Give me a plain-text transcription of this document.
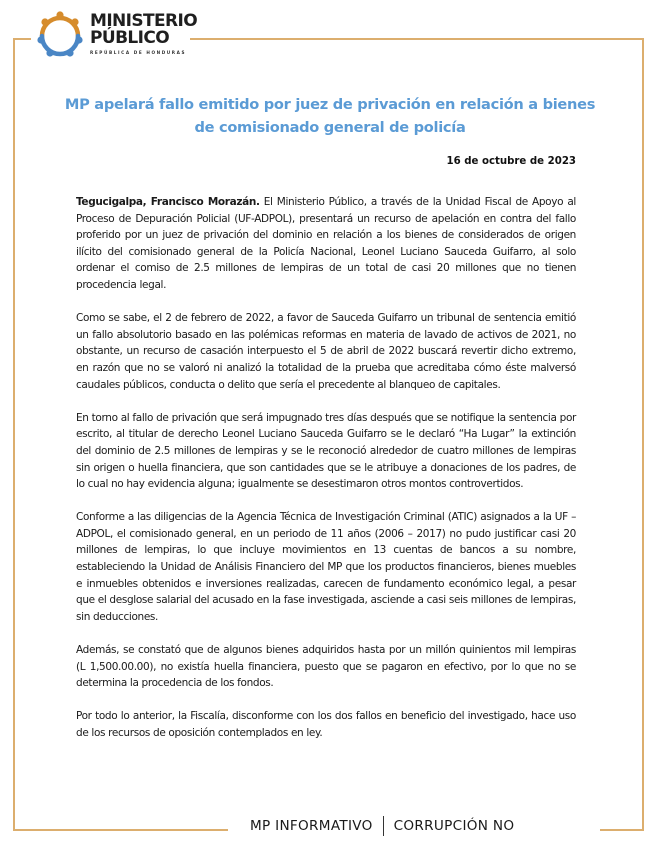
MINISTERIO
PÚBLICO
REPÚBLICA DE HONDURAS
MP apelará fallo emitido por juez de privación en relación a bienes de comisionado general de policía
16 de octubre de 2023

Tegucigalpa, Francisco Morazán. El Ministerio Público, a través de la Unidad Fiscal de Apoyo al Proceso de Depuración Policial (UF-ADPOL), presentará un recurso de apelación en contra del fallo proferido por un juez de privación del dominio en relación a los bienes de considerados de origen ilícito del comisionado general de la Policía Nacional, Leonel Luciano Sauceda Guifarro, al solo ordenar el comiso de 2.5 millones de lempiras de un total de casi 20 millones que no tienen procedencia legal.

Como se sabe, el 2 de febrero de 2022, a favor de Sauceda Guifarro un tribunal de sentencia emitió un fallo absolutorio basado en las polémicas reformas en materia de lavado de activos de 2021, no obstante, un recurso de casación interpuesto el 5 de abril de 2022 buscará revertir dicho extremo, en razón que no se valoró ni analizó la totalidad de la prueba que acreditaba cómo éste malversó caudales públicos, conducta o delito que sería el precedente al blanqueo de capitales.

En torno al fallo de privación que será impugnado tres días después que se notifique la sentencia por escrito, al titular de derecho Leonel Luciano Sauceda Guifarro se le declaró “Ha Lugar” la extinción del dominio de 2.5 millones de lempiras y se le reconoció alrededor de cuatro millones de lempiras sin origen o huella financiera, que son cantidades que se le atribuye a donaciones de los padres, de lo cual no hay evidencia alguna; igualmente se desestimaron otros montos controvertidos.

Conforme a las diligencias de la Agencia Técnica de Investigación Criminal (ATIC) asignados a la UF – ADPOL, el comisionado general, en un periodo de 11 años (2006 – 2017) no pudo justificar casi 20 millones de lempiras, lo que incluye movimientos en 13 cuentas de bancos a su nombre, estableciendo la Unidad de Análisis Financiero del MP que los productos financieros, bienes muebles e inmuebles obtenidos e inversiones realizadas, carecen de fundamento económico legal, a pesar que el desglose salarial del acusado en la fase investigada, asciende a casi seis millones de lempiras, sin deducciones.

Además, se constató que de algunos bienes adquiridos hasta por un millón quinientos mil lempiras (L 1,500.00.00), no existía huella financiera, puesto que se pagaron en efectivo, por lo que no se determina la procedencia de los fondos.

Por todo lo anterior, la Fiscalía, disconforme con los dos fallos en beneficio del investigado, hace uso de los recursos de oposición contemplados en ley.

MP INFORMATIVO CORRUPCIÓN NO
